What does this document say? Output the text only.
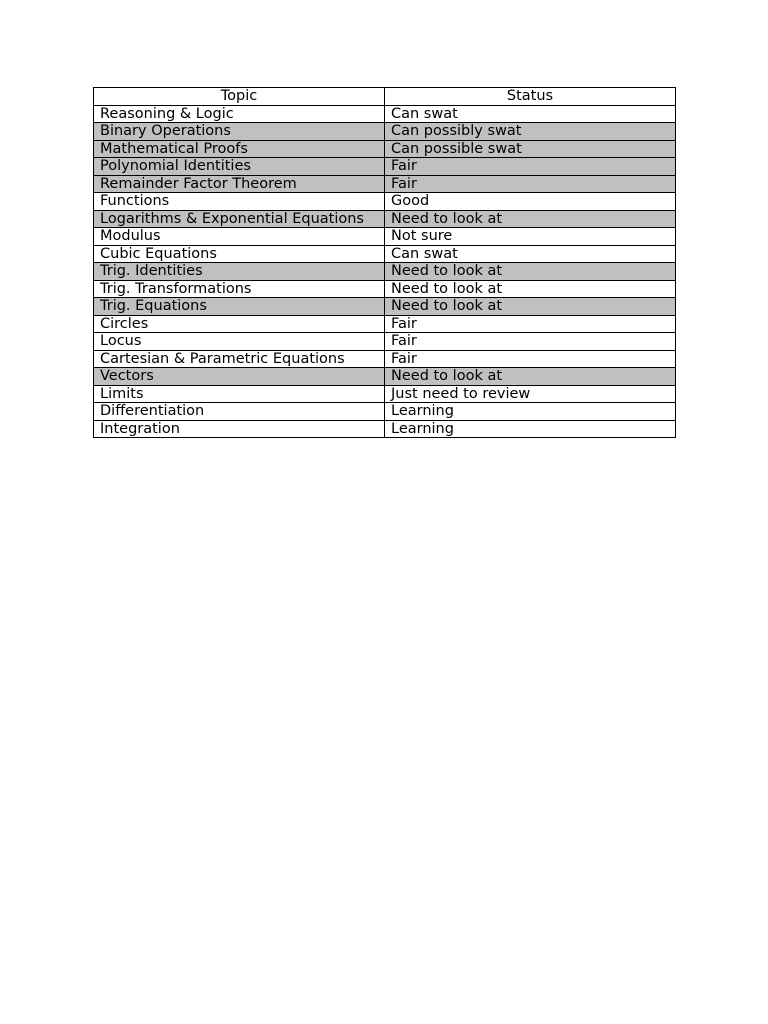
Topic	Status
Reasoning & Logic	Can swat
Binary Operations	Can possibly swat
Mathematical Proofs	Can possible swat
Polynomial Identities	Fair
Remainder Factor Theorem	Fair
Functions	Good
Logarithms & Exponential Equations	Need to look at
Modulus	Not sure
Cubic Equations	Can swat
Trig. Identities	Need to look at
Trig. Transformations	Need to look at
Trig. Equations	Need to look at
Circles	Fair
Locus	Fair
Cartesian & Parametric Equations	Fair
Vectors	Need to look at
Limits	Just need to review
Differentiation	Learning
Integration	Learning
